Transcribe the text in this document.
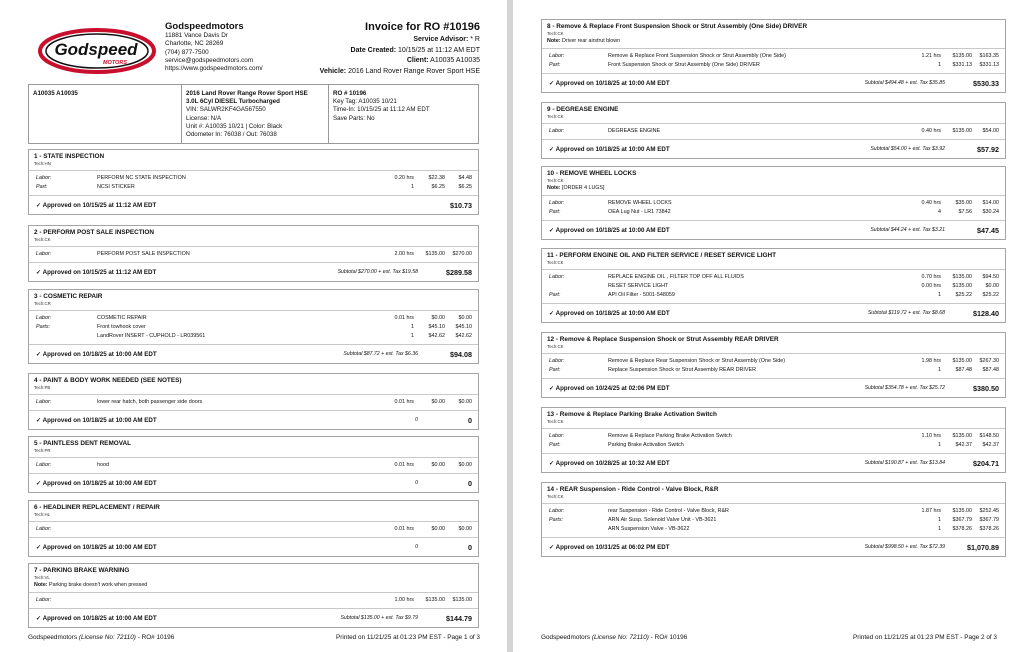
Godspeed
MOTORS
Godspeedmotors
11881 Vance Davis Dr
Charlotte, NC 28269
(704) 877-7500
service@godspeedmotors.com
https://www.godspeedmotors.com/
Invoice for RO #10196
Service Advisor: * R
Date Created: 10/15/25 at 11:12 AM EDT
Client: A10035 A10035
Vehicle: 2016 Land Rover Range Rover Sport HSE
A10035 A10035	2016 Land Rover Range Rover Sport HSE
3.0L 6Cyl DIESEL Turbocharged
VIN: SALWR2KF4GA567550
License: N/A
Unit #: A10035 10/21 | Color: Black
Odometer In: 76038 / Out: 76038
RO # 10196
Key Tag: A10035 10/21
Time-In: 10/15/25 at 11:12 AM EDT
Save Parts: No
1 - STATE INSPECTION
Tech:HN
Labor:	PERFORM NC STATE INSPECTION	0.20 hrs	$22.38	$4.48
Part:	NCSI STICKER	1	$6.25	$6.25
✓ Approved on 10/15/25 at 11:12 AM EDT	$10.73
2 - PERFORM POST SALE INSPECTION
Tech:CK
Labor:	PERFORM POST SALE INSPECTION	2.00 hrs	$135.00	$270.00
✓ Approved on 10/15/25 at 11:12 AM EDT	Subtotal $270.00 + est. Tax $19.58	$289.58
3 - COSMETIC REPAIR
Tech:CR
Labor:	COSMETIC REPAIR	0.01 hrs	$0.00	$0.00
Parts:	Front towhook cover	1	$45.10	$45.10
LandRover INSERT - CUPHOLD - LR039561	1	$42.62	$42.62
✓ Approved on 10/18/25 at 10:00 AM EDT	Subtotal $87.72 + est. Tax $6.36	$94.08
4 - PAINT & BODY WORK NEEDED (SEE NOTES)
Tech:PB
Labor:	lower rear hatch, both passenger side doors	0.01 hrs	$0.00	$0.00
✓ Approved on 10/18/25 at 10:00 AM EDT	0	0
5 - PAINTLESS DENT REMOVAL
Tech:PR
Labor:	hood	0.01 hrs	$0.00	$0.00
✓ Approved on 10/18/25 at 10:00 AM EDT	0	0
6 - HEADLINER REPLACEMENT / REPAIR
Tech:HL
Labor:	0.01 hrs	$0.00	$0.00
✓ Approved on 10/18/25 at 10:00 AM EDT	0	0
7 - PARKING BRAKE WARNING
Tech:VL
Note: Parking brake doesn't work when pressed
Labor:	1.00 hrs	$135.00	$135.00
✓ Approved on 10/18/25 at 10:00 AM EDT	Subtotal $135.00 + est. Tax $9.79	$144.79
Godspeedmotors (License No: 72110) - RO# 10196	Printed on 11/21/25 at 01:23 PM EST - Page 1 of 3
8 - Remove & Replace Front Suspension Shock or Strut Assembly (One Side) DRIVER
Tech:CK
Note: Driver rear airstrut blown
Labor:	Remove & Replace Front Suspension Shock or Strut Assembly (One Side)	1.21 hrs	$135.00	$163.35
Part:	Front Suspension Shock or Strut Assembly (One Side) DRIVER	1	$331.13	$331.13
✓ Approved on 10/18/25 at 10:00 AM EDT	Subtotal $494.48 + est. Tax $35.85	$530.33
9 - DEGREASE ENGINE
Tech:CK
Labor:	DEGREASE ENGINE	0.40 hrs	$135.00	$54.00
✓ Approved on 10/18/25 at 10:00 AM EDT	Subtotal $54.00 + est. Tax $3.92	$57.92
10 - REMOVE WHEEL LOCKS
Tech:CK
Note: [ORDER 4 LUGS]
Labor:	REMOVE WHEEL LOCKS	0.40 hrs	$35.00	$14.00
Part:	OEA Lug Nut - LR1 73842	4	$7.56	$30.24
✓ Approved on 10/18/25 at 10:00 AM EDT	Subtotal $44.24 + est. Tax $3.21	$47.45
11 - PERFORM ENGINE OIL AND FILTER SERVICE / RESET SERVICE LIGHT
Tech:CK
Labor:	REPLACE ENGINE OIL , FILTER TOP OFF ALL FLUIDS	0.70 hrs	$135.00	$94.50
RESET SERVICE LIGHT	0.00 hrs	$135.00	$0.00
Part:	API Oil Filter - 5001-548059	1	$25.22	$25.22
✓ Approved on 10/18/25 at 10:00 AM EDT	Subtotal $119.72 + est. Tax $8.68	$128.40
12 - Remove & Replace Suspension Shock or Strut Assembly REAR DRIVER
Tech:CK
Labor:	Remove & Replace Rear Suspension Shock or Strut Assembly (One Side)	1.98 hrs	$135.00	$267.30
Part:	Replace Suspension Shock or Strut Assembly REAR DRIVER	1	$87.48	$87.48
✓ Approved on 10/24/25 at 02:06 PM EDT	Subtotal $354.78 + est. Tax $25.72	$380.50
13 - Remove & Replace Parking Brake Activation Switch
Tech:CK
Labor:	Remove & Replace Parking Brake Activation Switch	1.10 hrs	$135.00	$148.50
Part:	Parking Brake Activation Switch	1	$42.37	$42.37
✓ Approved on 10/28/25 at 10:32 AM EDT	Subtotal $190.87 + est. Tax $13.84	$204.71
14 - REAR Suspension - Ride Control - Valve Block, R&R
Tech:CK
Labor:	rear Suspension - Ride Control - Valve Block, R&R	1.87 hrs	$135.00	$252.45
Parts:	ARN Air Susp. Solenoid Valve Unit - VB-3621	1	$367.79	$367.79
ARN Suspension Valve - VB-3622	1	$378.26	$378.26
✓ Approved on 10/31/25 at 06:02 PM EDT	Subtotal $998.50 + est. Tax $72.39	$1,070.89
Godspeedmotors (License No: 72110) - RO# 10196	Printed on 11/21/25 at 01:23 PM EST - Page 2 of 3
